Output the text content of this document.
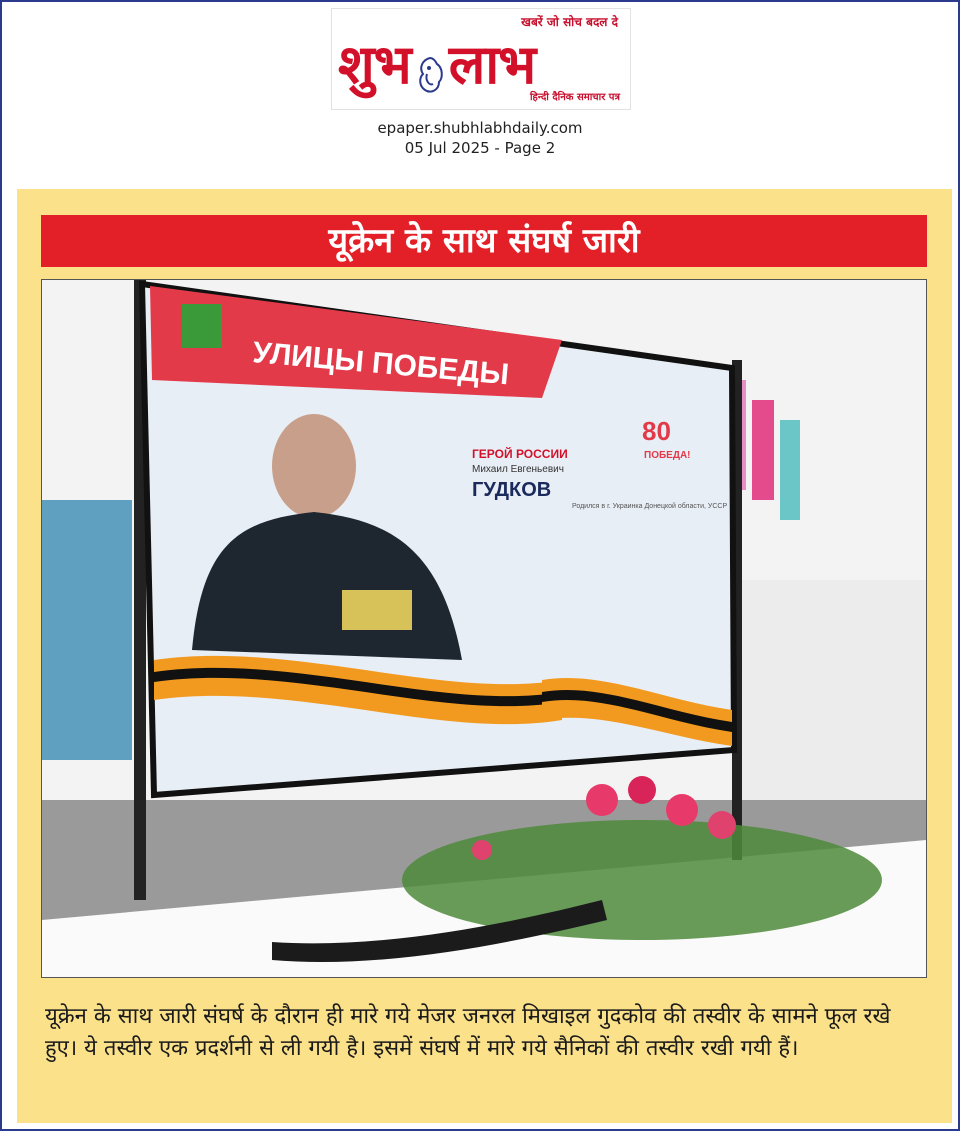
खबरें जो सोच बदल दे
शुभ लाभ
हिन्दी दैनिक समाचार पत्र
epaper.shubhlabhdaily.com
05 Jul 2025 - Page 2
यूक्रेन के साथ संघर्ष जारी
УЛИЦЫ ПОБЕДЫ
ГЕРОЙ РОССИИ
Михаил Евгеньевич
ГУДКОВ
Родился в г. Украинка Донецкой области, УССР
80
ПОБЕДА!
यूक्रेन के साथ जारी संघर्ष के दौरान ही मारे गये मेजर जनरल मिखाइल गुदकोव की तस्वीर के सामने फूल रखे हुए। ये तस्वीर एक प्रदर्शनी से ली गयी है। इसमें संघर्ष में मारे गये सैनिकों की तस्वीर रखी गयी हैं।
